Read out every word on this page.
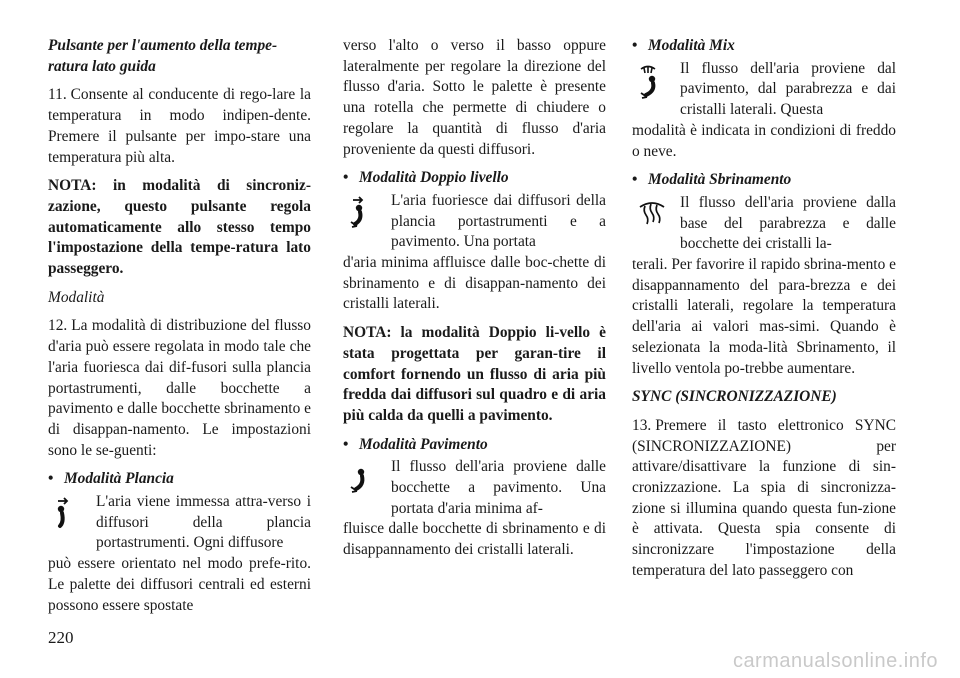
Pulsante per l'aumento della tempe-ratura lato guida

11. Consente al conducente di rego-lare la temperatura in modo indipen-dente. Premere il pulsante per impo-stare una temperatura più alta.

NOTA: in modalità di sincroniz-zazione, questo pulsante regola automaticamente allo stesso tempo l'impostazione della tempe-ratura lato passeggero.

Modalità

12. La modalità di distribuzione del flusso d'aria può essere regolata in modo tale che l'aria fuoriesca dai dif-fusori sulla plancia portastrumenti, dalle bocchette a pavimento e dalle bocchette sbrinamento e di disappan-namento. Le impostazioni sono le se-guenti:

• Modalità Plancia
L'aria viene immessa attra-verso i diffusori della plancia portastrumenti. Ogni diffusore

può essere orientato nel modo prefe-rito. Le palette dei diffusori centrali ed esterni possono essere spostate

verso l'alto o verso il basso oppure lateralmente per regolare la direzione del flusso d'aria. Sotto le palette è presente una rotella che permette di chiudere o regolare la quantità di flusso d'aria proveniente da questi diffusori.

• Modalità Doppio livello
L'aria fuoriesce dai diffusori della plancia portastrumenti e a pavimento. Una portata

d'aria minima affluisce dalle boc-chette di sbrinamento e di disappan-namento dei cristalli laterali.

NOTA: la modalità Doppio li-vello è stata progettata per garan-tire il comfort fornendo un flusso di aria più fredda dai diffusori sul quadro e di aria più calda da quelli a pavimento.

• Modalità Pavimento
Il flusso dell'aria proviene dalle bocchette a pavimento. Una portata d'aria minima af-

fluisce dalle bocchette di sbrinamento e di disappannamento dei cristalli laterali.

• Modalità Mix
Il flusso dell'aria proviene dal pavimento, dal parabrezza e dai cristalli laterali. Questa

modalità è indicata in condizioni di freddo o neve.

• Modalità Sbrinamento
Il flusso dell'aria proviene dalla base del parabrezza e dalle bocchette dei cristalli la-

terali. Per favorire il rapido sbrina-mento e disappannamento del para-brezza e dei cristalli laterali, regolare la temperatura dell'aria ai valori mas-simi. Quando è selezionata la moda-lità Sbrinamento, il livello ventola po-trebbe aumentare.

SYNC (SINCRONIZZAZIONE)

13. Premere il tasto elettronico SYNC (SINCRONIZZAZIONE) per attivare/disattivare la funzione di sin-cronizzazione. La spia di sincronizza-zione si illumina quando questa fun-zione è attivata. Questa spia consente di sincronizzare l'impostazione della temperatura del lato passeggero con

220
carmanualsonline.info
